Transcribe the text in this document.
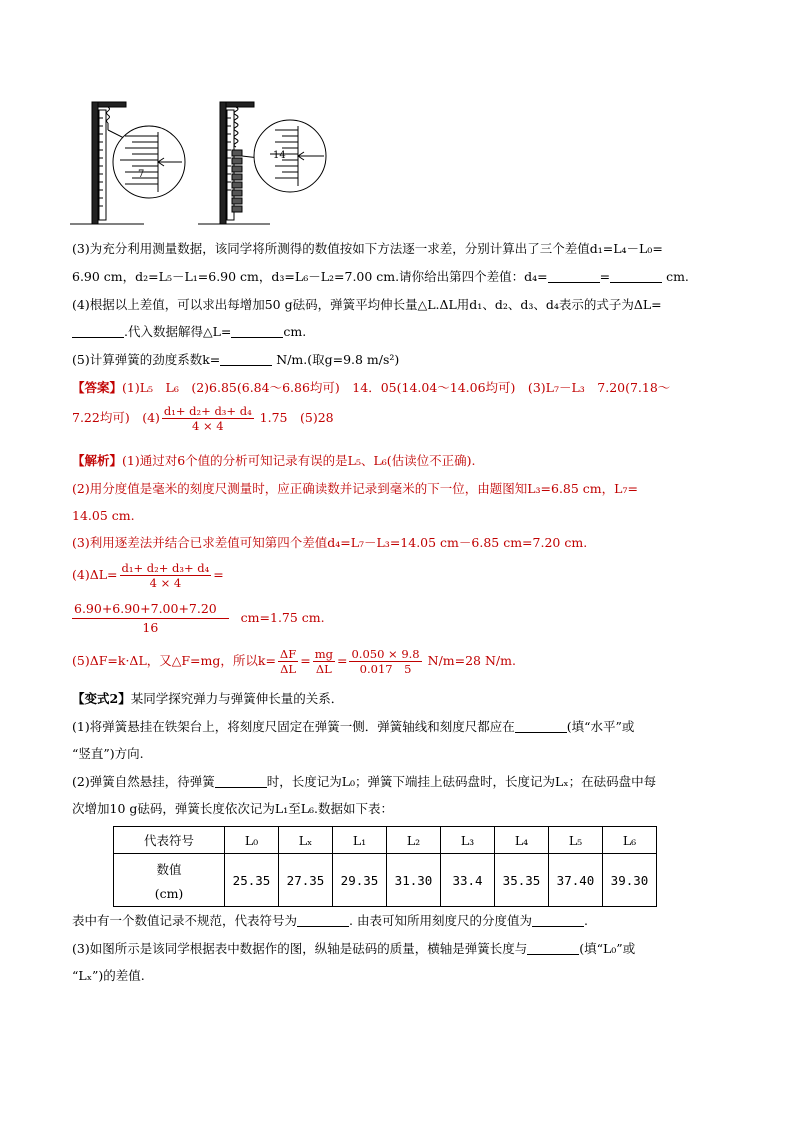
7
14
(3)为充分利用测量数据，该同学将所测得的数值按如下方法逐一求差，分别计算出了三个差值d₁=L₄－L₀=
6.90 cm，d₂=L₅－L₁=6.90 cm，d₃=L₆－L₂=7.00 cm.请你给出第四个差值：d₄=	=	cm.
(4)根据以上差值，可以求出每增加50 g砝码，弹簧平均伸长量△L.ΔL用d₁、d₂、d₃、d₄表示的式子为ΔL=
.代入数据解得△L=	cm.
(5)计算弹簧的劲度系数k=	N/m.(取g=9.8 m/s²)
【答案】(1)L₅　L₆　(2)6.85(6.84～6.86均可)　14．05(14.04～14.06均可)　(3)L₇－L₃　7.20(7.18～
7.22均可)　$(4) \frac{\text{d₁+ d₂+ d₃+ d₄}}{4 \times 4} 1.75$　(5)28
【解析】(1)通过对6个值的分析可知记录有误的是L₅、L₆(估读位不正确).
(2)用分度值是毫米的刻度尺测量时，应正确读数并记录到毫米的下一位，由题图知L₃=6.85 cm，L₇=
14.05 cm.
(3)利用逐差法并结合已求差值可知第四个差值d₄=L₇－L₃=14.05 cm－6.85 cm=7.20 cm.
$(4)\Delta L= \frac{\text{d₁+ d₂+ d₃+ d₄}}{4 \times 4}$ =
$\frac{6.90+6.90+7.00+7.20}{16} cm=1.75$ cm.
(5)ΔF=k·ΔL，又△F=mg，所以$k= \frac{\Delta F}{\Delta L} = \frac{mg}{\Delta L} = \frac{0.050 \times 9.8}{0.017 5} N/m=28$ N/m.
【变式2】某同学探究弹力与弹簧伸长量的关系．
(1)将弹簧悬挂在铁架台上，将刻度尺固定在弹簧一侧．弹簧轴线和刻度尺都应在	(填“水平”或
“竖直”)方向.
(2)弹簧自然悬挂，待弹簧	时，长度记为L₀；弹簧下端挂上砝码盘时，长度记为Lₓ；在砝码盘中每
次增加10 g砝码，弹簧长度依次记为L₁至L₆.数据如下表：
代表符号	L₀	Lₓ	L₁	L₂	L₃	L₄	L₅	L₆

数值
(cm)	25.35	27.35	29.35	31.30	33.4	35.35	37.40	39.30
表中有一个数值记录不规范，代表符号为	. 由表可知所用刻度尺的分度值为	.
(3)如图所示是该同学根据表中数据作的图，纵轴是砝码的质量，横轴是弹簧长度与	(填“L₀”或
“Lₓ”)的差值.
